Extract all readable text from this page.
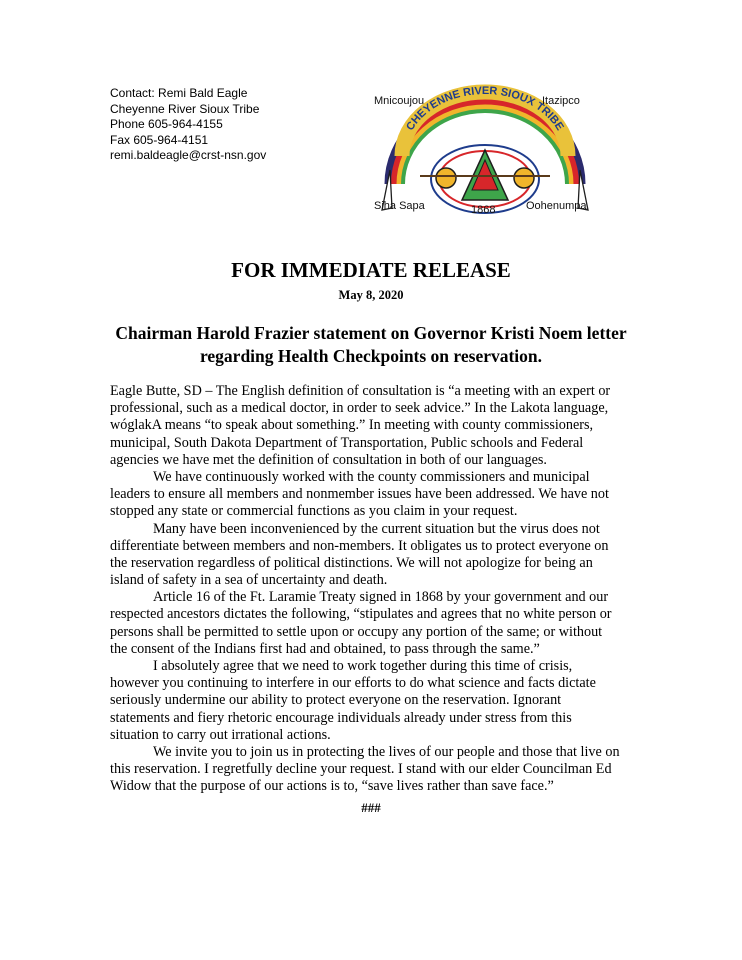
Contact: Remi Bald Eagle
Cheyenne River Sioux Tribe
Phone 605-964-4155
Fax 605-964-4151
remi.baldeagle@crst-nsn.gov
CHEYENNE RIVER SIOUX TRIBE
Mnicoujou	Itazipco
Siha Sapa	Oohenumpa
1868
FOR IMMEDIATE RELEASE
May 8, 2020
Chairman Harold Frazier statement on Governor Kristi Noem letter
regarding Health Checkpoints on reservation.
Eagle Butte, SD – The English definition of consultation is “a meeting with an expert or
professional, such as a medical doctor, in order to seek advice.” In the Lakota language,
wóglakA means “to speak about something.” In meeting with county commissioners,
municipal, South Dakota Department of Transportation, Public schools and Federal
agencies we have met the definition of consultation in both of our languages.
We have continuously worked with the county commissioners and municipal
leaders to ensure all members and nonmember issues have been addressed. We have not
stopped any state or commercial functions as you claim in your request.
Many have been inconvenienced by the current situation but the virus does not
differentiate between members and non-members. It obligates us to protect everyone on
the reservation regardless of political distinctions. We will not apologize for being an
island of safety in a sea of uncertainty and death.
Article 16 of the Ft. Laramie Treaty signed in 1868 by your government and our
respected ancestors dictates the following, “stipulates and agrees that no white person or
persons shall be permitted to settle upon or occupy any portion of the same; or without
the consent of the Indians first had and obtained, to pass through the same.”
I absolutely agree that we need to work together during this time of crisis,
however you continuing to interfere in our efforts to do what science and facts dictate
seriously undermine our ability to protect everyone on the reservation. Ignorant
statements and fiery rhetoric encourage individuals already under stress from this
situation to carry out irrational actions.
We invite you to join us in protecting the lives of our people and those that live on
this reservation. I regretfully decline your request. I stand with our elder Councilman Ed
Widow that the purpose of our actions is to, “save lives rather than save face.”
###
